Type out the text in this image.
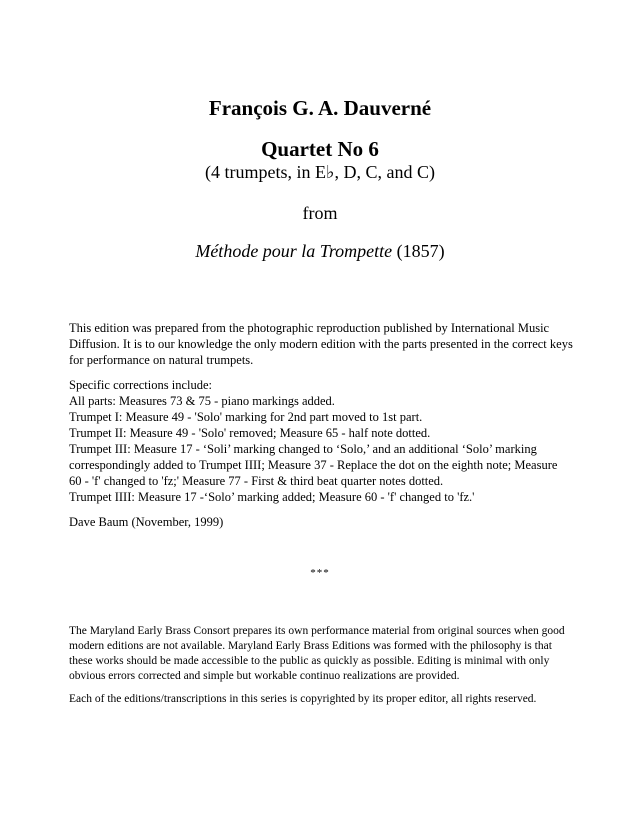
François G. A. Dauverné
Quartet No 6
(4 trumpets, in E♭, D, C, and C)
from
Méthode pour la Trompette (1857)
This edition was prepared from the photographic reproduction published by International Music Diffusion. It is to our knowledge the only modern edition with the parts presented in the correct keys for performance on natural trumpets.
Specific corrections include:
All parts: Measures 73 & 75 - piano markings added.
Trumpet I: Measure 49 - 'Solo' marking for 2nd part moved to 1st part.
Trumpet II: Measure 49 - 'Solo' removed; Measure 65 - half note dotted.
Trumpet III: Measure 17 - ‘Soli’ marking changed to ‘Solo,’ and an additional ‘Solo’ marking correspondingly added to Trumpet IIII; Measure 37 - Replace the dot on the eighth note; Measure 60 - 'f' changed to 'fz;' Measure 77 - First & third beat quarter notes dotted.
Trumpet IIII: Measure 17 -‘Solo’ marking added; Measure 60 - 'f' changed to 'fz.'
Dave Baum (November, 1999)
***
The Maryland Early Brass Consort prepares its own performance material from original sources when good modern editions are not available. Maryland Early Brass Editions was formed with the philosophy is that these works should be made accessible to the public as quickly as possible. Editing is minimal with only obvious errors corrected and simple but workable continuo realizations are provided.
Each of the editions/transcriptions in this series is copyrighted by its proper editor, all rights reserved.
